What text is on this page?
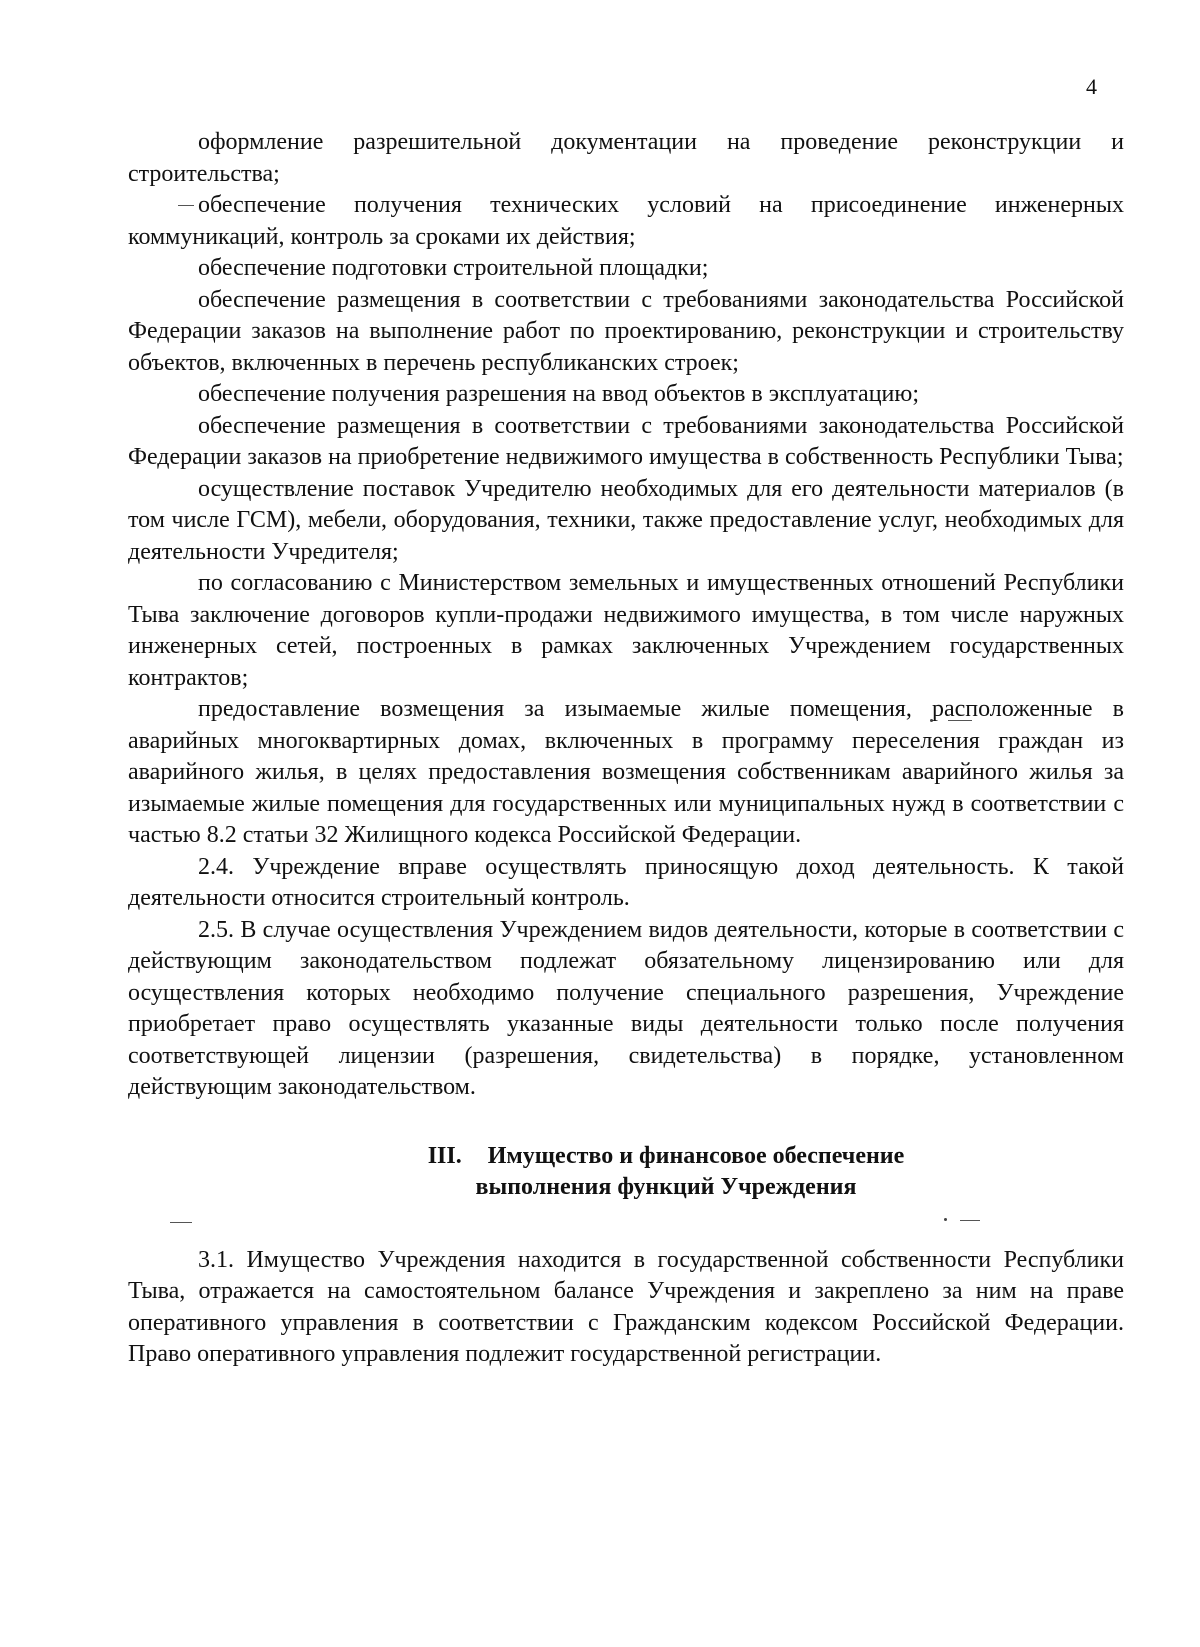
4

оформление разрешительной документации на проведение реконструкции и строительства;

обеспечение получения технических условий на присоединение инженерных коммуникаций, контроль за сроками их действия;

обеспечение подготовки строительной площадки;

обеспечение размещения в соответствии с требованиями законодательства Российской Федерации заказов на выполнение работ по проектированию, реконструкции и строительству объектов, включенных в перечень республиканских строек;

обеспечение получения разрешения на ввод объектов в эксплуатацию;

обеспечение размещения в соответствии с требованиями законодательства Российской Федерации заказов на приобретение недвижимого имущества в собственность Республики Тыва;

осуществление поставок Учредителю необходимых для его деятельности материалов (в том числе ГСМ), мебели, оборудования, техники, также предоставление услуг, необходимых для деятельности Учредителя;

по согласованию с Министерством земельных и имущественных отношений Республики Тыва заключение договоров купли-продажи недвижимого имущества, в том числе наружных инженерных сетей, построенных в рамках заключенных Учреждением государственных контрактов;

предоставление возмещения за изымаемые жилые помещения, расположенные в аварийных многоквартирных домах, включенных в программу переселения граждан из аварийного жилья, в целях предоставления возмещения собственникам аварийного жилья за изымаемые жилые помещения для государственных или муниципальных нужд в соответствии с частью 8.2 статьи 32 Жилищного кодекса Российской Федерации.

2.4. Учреждение вправе осуществлять приносящую доход деятельность. К такой деятельности относится строительный контроль.

2.5. В случае осуществления Учреждением видов деятельности, которые в соответствии с действующим законодательством подлежат обязательному лицензированию или для осуществления которых необходимо получение специального разрешения, Учреждение приобретает право осуществлять указанные виды деятельности только после получения соответствующей лицензии (разрешения, свидетельства) в порядке, установленном действующим законодательством.

III. Имущество и финансовое обеспечение
выполнения функций Учреждения

3.1. Имущество Учреждения находится в государственной собственности Республики Тыва, отражается на самостоятельном балансе Учреждения и закреплено за ним на праве оперативного управления в соответствии с Гражданским кодексом Российской Федерации. Право оперативного управления подлежит государственной регистрации.
